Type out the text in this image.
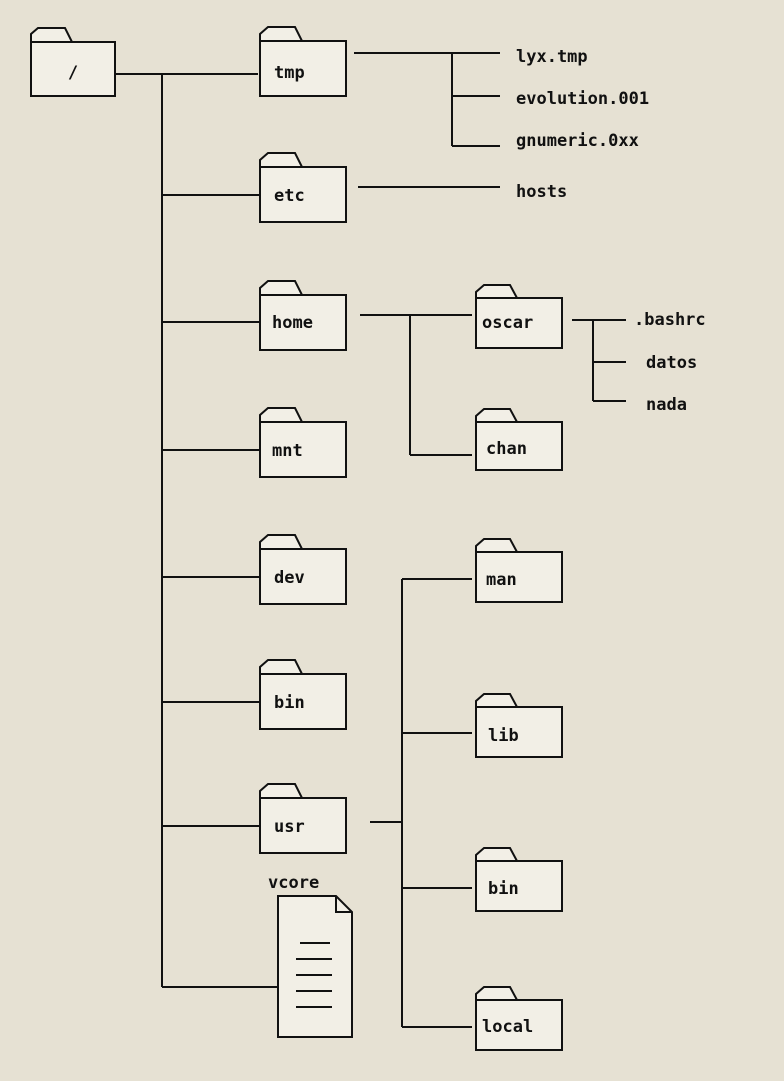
/	tmp
etc
home
mnt
dev
bin
usr
vcore
lyx.tmp
evolution.001
gnumeric.0xx
hosts
oscar
chan
.bashrc
datos
nada
man
lib
bin
local
